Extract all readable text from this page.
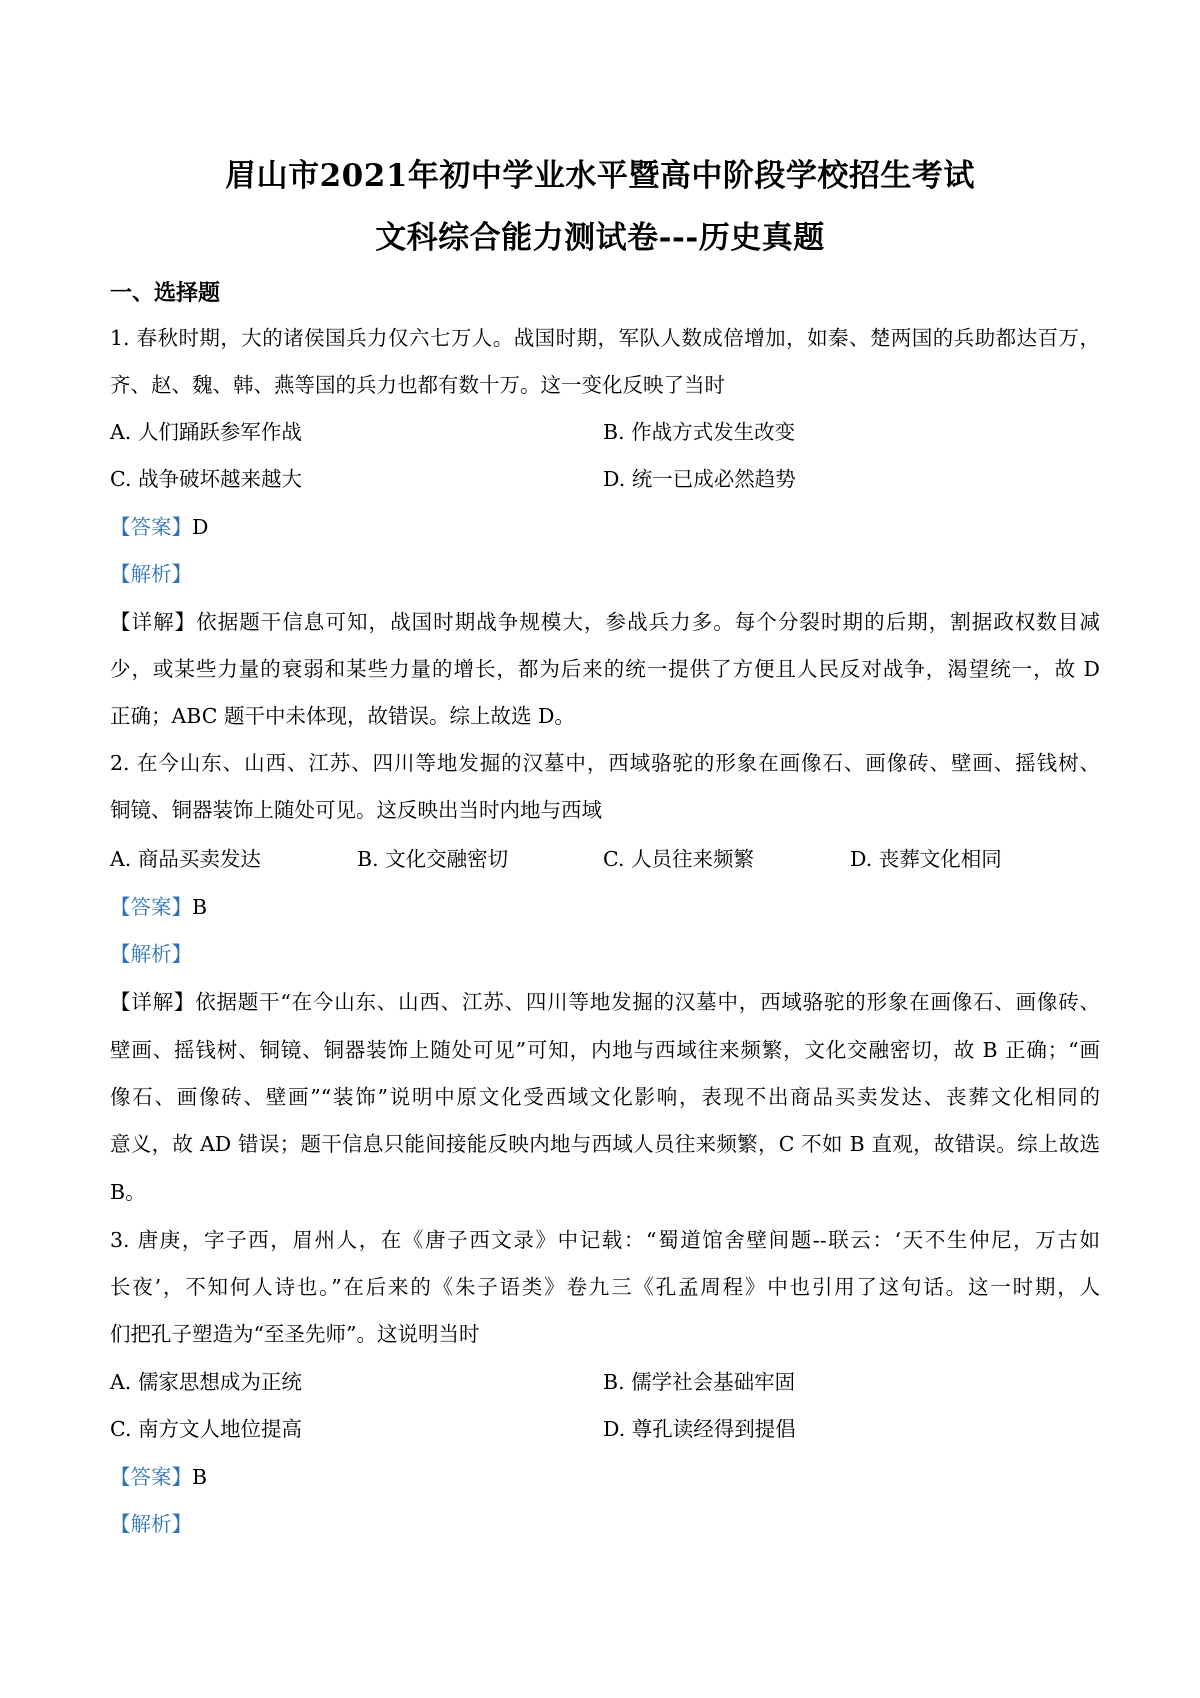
眉山市2021年初中学业水平暨高中阶段学校招生考试
文科综合能力测试卷---历史真题
一、选择题
1. 春秋时期，大的诸侯国兵力仅六七万人。战国时期，军队人数成倍增加，如秦、楚两国的兵助都达百万，
齐、赵、魏、韩、燕等国的兵力也都有数十万。这一变化反映了当时
A. 人们踊跃参军作战	B. 作战方式发生改变
C. 战争破坏越来越大	D. 统一已成必然趋势
【答案】D
【解析】
【详解】依据题干信息可知，战国时期战争规模大，参战兵力多。每个分裂时期的后期，割据政权数目减
少，或某些力量的衰弱和某些力量的增长，都为后来的统一提供了方便且人民反对战争，渴望统一，故 D
正确；ABC 题干中未体现，故错误。综上故选 D。
2. 在今山东、山西、江苏、四川等地发掘的汉墓中，西域骆驼的形象在画像石、画像砖、壁画、摇钱树、
铜镜、铜器装饰上随处可见。这反映出当时内地与西域
A. 商品买卖发达	B. 文化交融密切	C. 人员往来频繁	D. 丧葬文化相同
【答案】B
【解析】
【详解】依据题干“在今山东、山西、江苏、四川等地发掘的汉墓中，西域骆驼的形象在画像石、画像砖、
壁画、摇钱树、铜镜、铜器装饰上随处可见”可知，内地与西域往来频繁，文化交融密切，故 B 正确；“画
像石、画像砖、壁画”“装饰”说明中原文化受西域文化影响，表现不出商品买卖发达、丧葬文化相同的
意义，故 AD 错误；题干信息只能间接能反映内地与西域人员往来频繁，C 不如 B 直观，故错误。综上故选
B。
3. 唐庚，字子西，眉州人，在《唐子西文录》中记载：“蜀道馆舍壁间题--联云：‘天不生仲尼，万古如
长夜’，不知何人诗也。”在后来的《朱子语类》卷九三《孔孟周程》中也引用了这句话。这一时期，人
们把孔子塑造为“至圣先师”。这说明当时
A. 儒家思想成为正统	B. 儒学社会基础牢固
C. 南方文人地位提高	D. 尊孔读经得到提倡
【答案】B
【解析】
